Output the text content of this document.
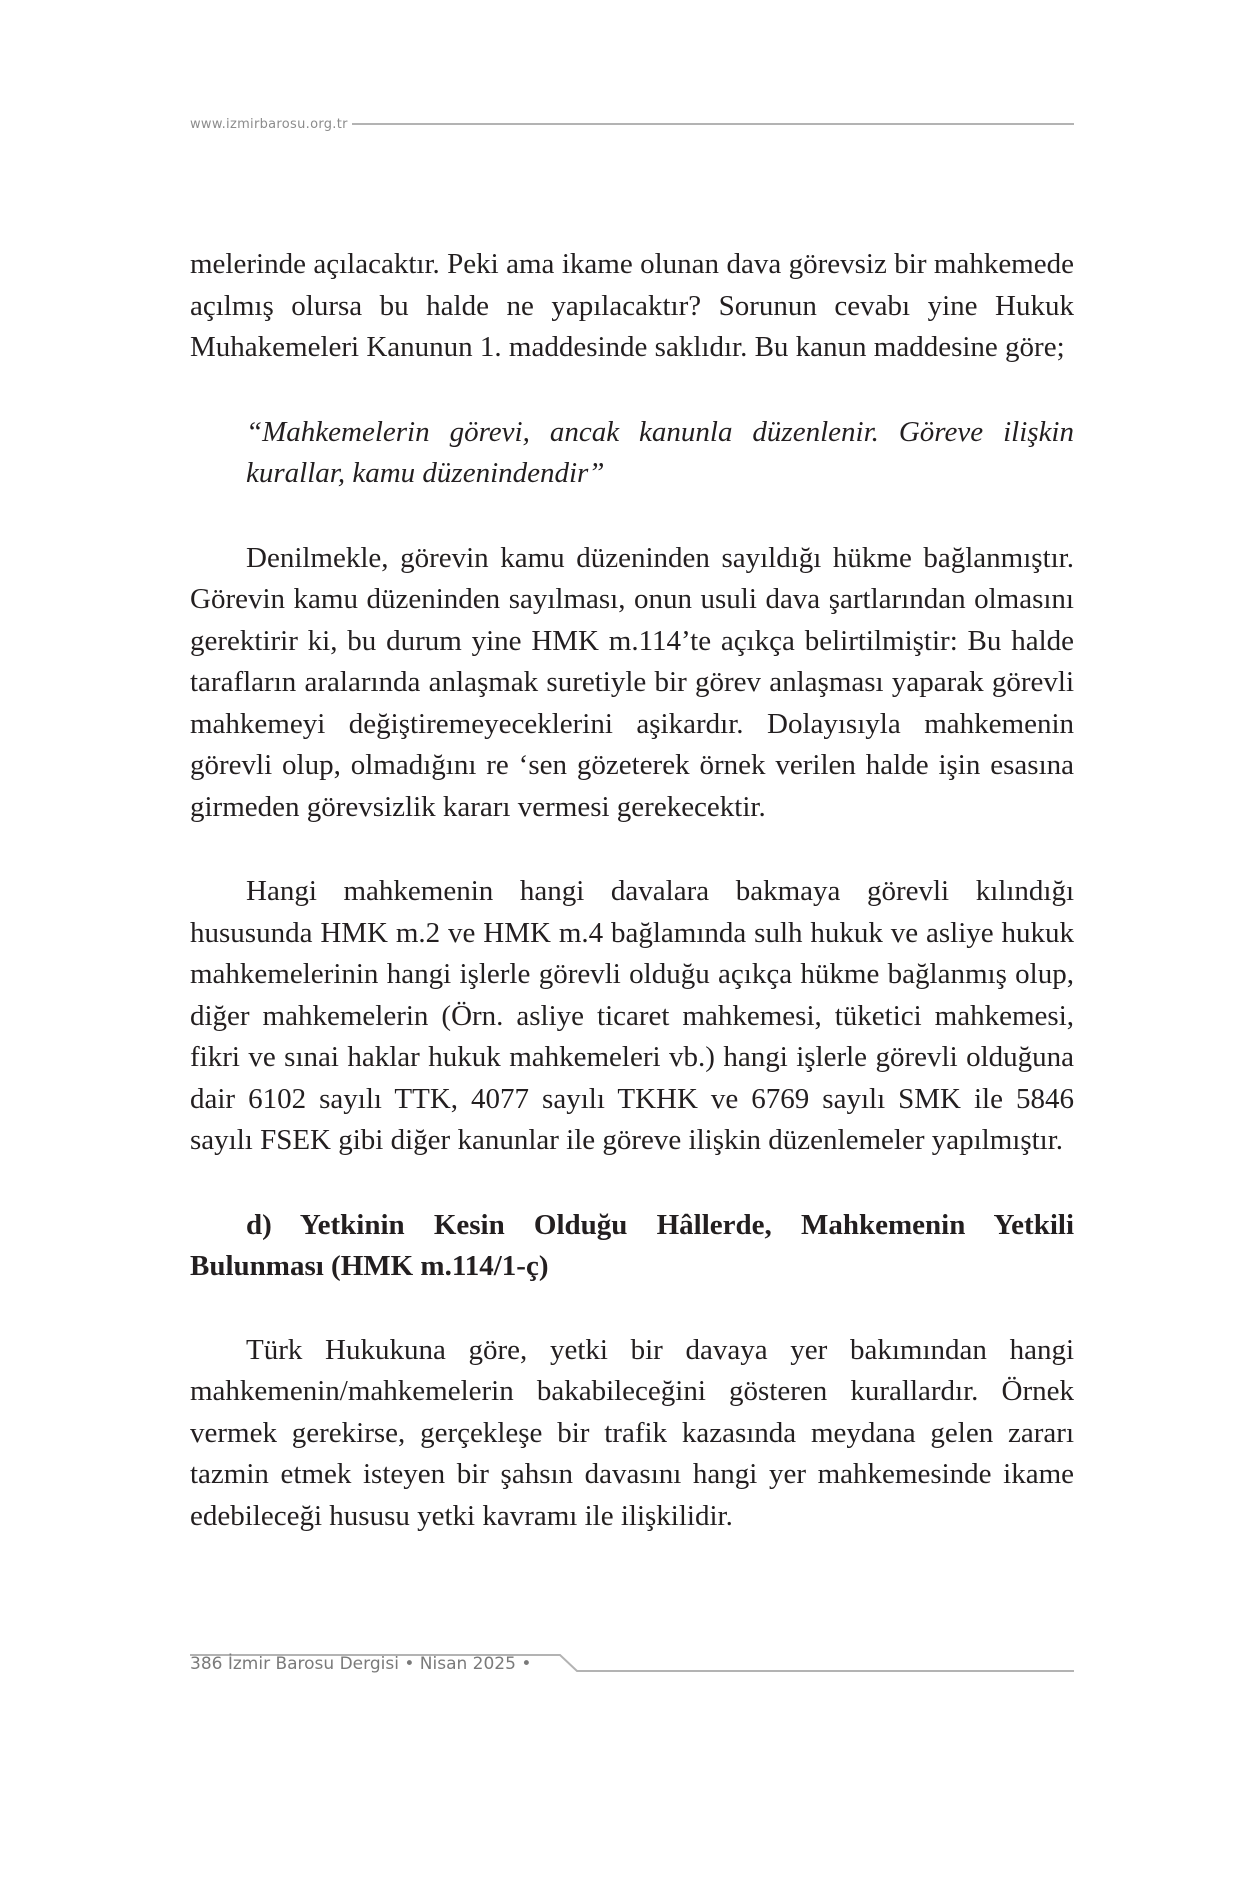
www.izmirbarosu.org.tr

melerinde açılacaktır. Peki ama ikame olunan dava görevsiz bir mahkemede açılmış olursa bu halde ne yapılacaktır? Sorunun cevabı yine Hukuk Muhakemeleri Kanunun 1. maddesinde saklıdır. Bu kanun maddesine göre;

“Mahkemelerin görevi, ancak kanunla düzenlenir. Göreve ilişkin kurallar, kamu düzenindendir”

Denilmekle, görevin kamu düzeninden sayıldığı hükme bağlanmıştır. Görevin kamu düzeninden sayılması, onun usuli dava şartlarından olmasını gerektirir ki, bu durum yine HMK m.114’te açıkça belirtilmiştir: Bu halde tarafların aralarında anlaşmak suretiyle bir görev anlaşması yaparak görevli mahkemeyi değiştiremeyeceklerini aşikardır. Dolayısıyla mahkemenin görevli olup, olmadığını re ‘sen gözeterek örnek verilen halde işin esasına girmeden görevsizlik kararı vermesi gerekecektir.

Hangi mahkemenin hangi davalara bakmaya görevli kılındığı hususunda HMK m.2 ve HMK m.4 bağlamında sulh hukuk ve asliye hukuk mahkemelerinin hangi işlerle görevli olduğu açıkça hükme bağlanmış olup, diğer mahkemelerin (Örn. asliye ticaret mahkemesi, tüketici mahkemesi, fikri ve sınai haklar hukuk mahkemeleri vb.) hangi işlerle görevli olduğuna dair 6102 sayılı TTK, 4077 sayılı TKHK ve 6769 sayılı SMK ile 5846 sayılı FSEK gibi diğer kanunlar ile göreve ilişkin düzenlemeler yapılmıştır.

d) Yetkinin Kesin Olduğu Hâllerde, Mahkemenin Yetkili Bulunması (HMK m.114/1-ç)

Türk Hukukuna göre, yetki bir davaya yer bakımından hangi mahkemenin/mahkemelerin bakabileceğini gösteren kurallardır. Örnek vermek gerekirse, gerçekleşe bir trafik kazasında meydana gelen zararı tazmin etmek isteyen bir şahsın davasını hangi yer mahkemesinde ikame edebileceği hususu yetki kavramı ile ilişkilidir.

386 İzmir Barosu Dergisi • Nisan 2025 •
